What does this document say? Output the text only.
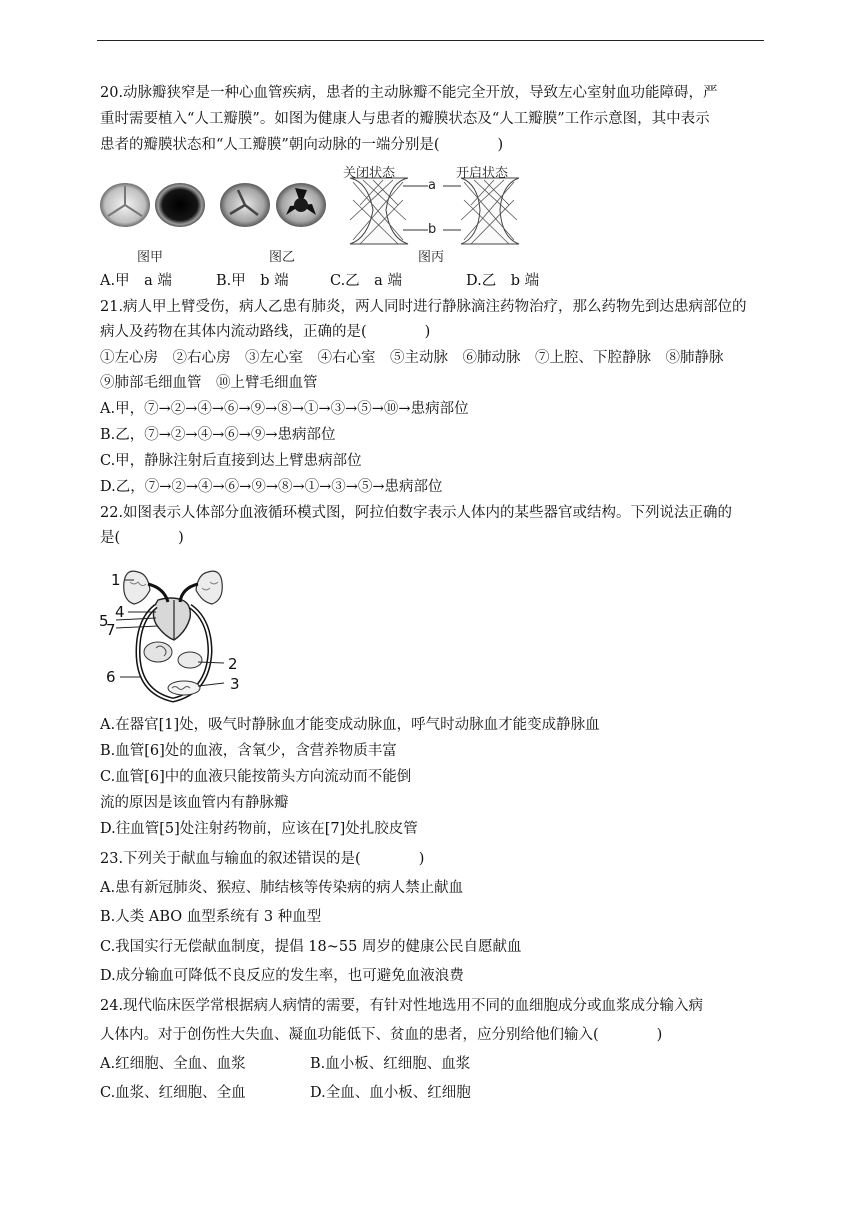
20.动脉瓣狭窄是一种心血管疾病，患者的主动脉瓣不能完全开放，导致左心室射血功能障碍，严
重时需要植入“人工瓣膜”。如图为健康人与患者的瓣膜状态及“人工瓣膜”工作示意图，其中表示
患者的瓣膜状态和“人工瓣膜”朝向动脉的一端分别是(　　　　)
关闭状态	开启状态
a
b
图甲	图乙	图丙
A.甲　a 端	B.甲　b 端	C.乙　a 端	D.乙　b 端
21.病人甲上臂受伤，病人乙患有肺炎，两人同时进行静脉滴注药物治疗，那么药物先到达患病部位的
病人及药物在其体内流动路线，正确的是(　　　　)
①左心房　②右心房　③左心室　④右心室　⑤主动脉　⑥肺动脉　⑦上腔、下腔静脉　⑧肺静脉
⑨肺部毛细血管　⑩上臂毛细血管
A.甲，⑦→②→④→⑥→⑨→⑧→①→③→⑤→⑩→患病部位
B.乙，⑦→②→④→⑥→⑨→患病部位
C.甲，静脉注射后直接到达上臂患病部位
D.乙，⑦→②→④→⑥→⑨→⑧→①→③→⑤→患病部位
22.如图表示人体部分血液循环模式图，阿拉伯数字表示人体内的某些器官或结构。下列说法正确的
是(　　　　)
1
4
5
7
2
6	3
A.在器官[1]处，吸气时静脉血才能变成动脉血，呼气时动脉血才能变成静脉血
B.血管[6]处的血液，含氧少，含营养物质丰富
C.血管[6]中的血液只能按箭头方向流动而不能倒
流的原因是该血管内有静脉瓣
D.往血管[5]处注射药物前，应该在[7]处扎胶皮管
23.下列关于献血与输血的叙述错误的是(　　　　)
A.患有新冠肺炎、猴痘、肺结核等传染病的病人禁止献血
B.人类 ABO 血型系统有 3 种血型
C.我国实行无偿献血制度，提倡 18~55 周岁的健康公民自愿献血
D.成分输血可降低不良反应的发生率，也可避免血液浪费
24.现代临床医学常根据病人病情的需要，有针对性地选用不同的血细胞成分或血浆成分输入病
人体内。对于创伤性大失血、凝血功能低下、贫血的患者，应分别给他们输入(　　　　)
A.红细胞、全血、血浆	B.血小板、红细胞、血浆
C.血浆、红细胞、全血	D.全血、血小板、红细胞
